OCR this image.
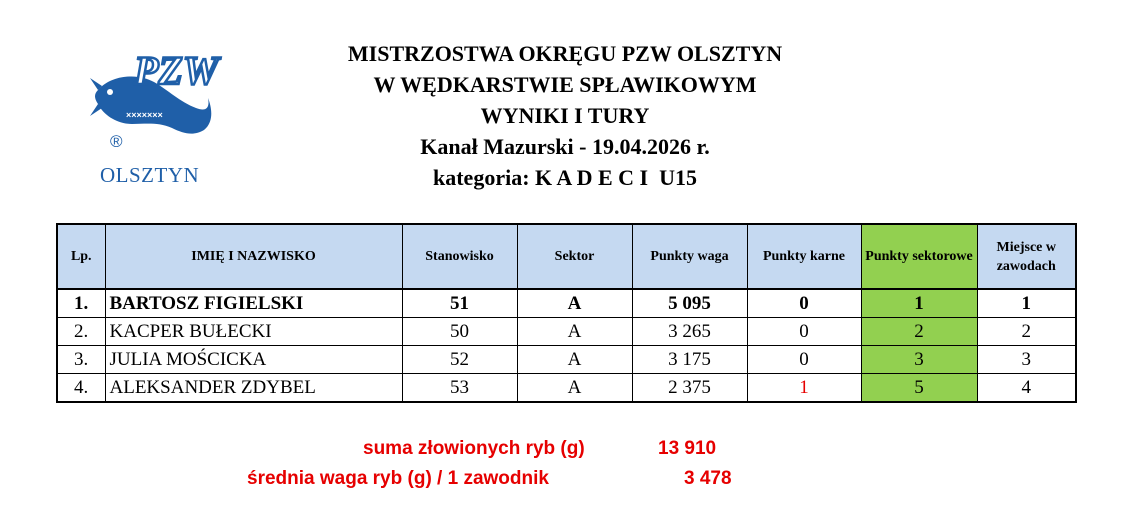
×××××××
PZW
®
OLSZTYN
MISTRZOSTWA OKRĘGU PZW OLSZTYN
W WĘDKARSTWIE SPŁAWIKOWYM
WYNIKI I TURY
Kanał Mazurski - 19.04.2026 r.
kategoria: K A D E C I  U15
Lp.	IMIĘ I NAZWISKO	Stanowisko	Sektor	Punkty waga	Punkty karne	Punkty sektorowe	Miejsce w zawodach
1.	BARTOSZ FIGIELSKI	51	A	5 095	0	1	1
2.	KACPER BUŁECKI	50	A	3 265	0	2	2
3.	JULIA MOŚCICKA	52	A	3 175	0	3	3
4.	ALEKSANDER ZDYBEL	53	A	2 375	1	5	4
suma złowionych ryb (g)	13 910
średnia waga ryb (g) / 1 zawodnik	3 478
